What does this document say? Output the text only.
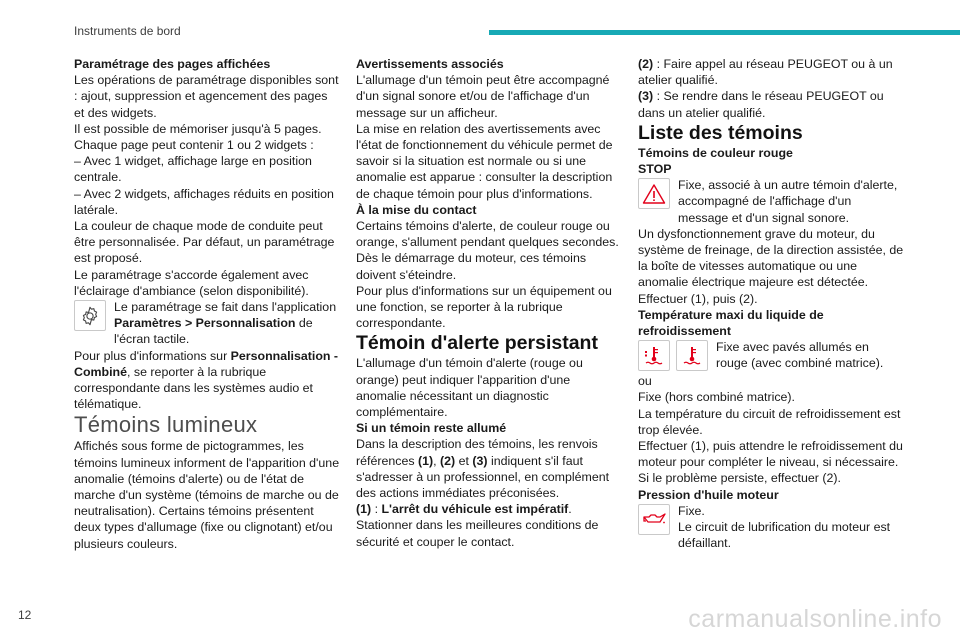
Instruments de bord

Paramétrage des pages affichées

Les opérations de paramétrage disponibles sont : ajout, suppression et agencement des pages et des widgets.

Il est possible de mémoriser jusqu'à 5 pages.

Chaque page peut contenir 1 ou 2 widgets :

– Avec 1 widget, affichage large en position centrale.

– Avec 2 widgets, affichages réduits en position latérale.

La couleur de chaque mode de conduite peut être personnalisée. Par défaut, un paramétrage est proposé.

Le paramétrage s'accorde également avec l'éclairage d'ambiance (selon disponibilité).

Le paramétrage se fait dans l'application Paramètres > Personnalisation de l'écran tactile.

Pour plus d'informations sur Personnalisation - Combiné, se reporter à la rubrique correspondante dans les systèmes audio et télématique.

Témoins lumineux

Affichés sous forme de pictogrammes, les témoins lumineux informent de l'apparition d'une anomalie (témoins d'alerte) ou de l'état de marche d'un système (témoins de marche ou de neutralisation). Certains témoins présentent deux types d'allumage (fixe ou clignotant) et/ou plusieurs couleurs.

Avertissements associés

L'allumage d'un témoin peut être accompagné d'un signal sonore et/ou de l'affichage d'un message sur un afficheur.

La mise en relation des avertissements avec l'état de fonctionnement du véhicule permet de savoir si la situation est normale ou si une anomalie est apparue : consulter la description de chaque témoin pour plus d'informations.

À la mise du contact

Certains témoins d'alerte, de couleur rouge ou orange, s'allument pendant quelques secondes. Dès le démarrage du moteur, ces témoins doivent s'éteindre.

Pour plus d'informations sur un équipement ou une fonction, se reporter à la rubrique correspondante.

Témoin d'alerte persistant

L'allumage d'un témoin d'alerte (rouge ou orange) peut indiquer l'apparition d'une anomalie nécessitant un diagnostic complémentaire.

Si un témoin reste allumé

Dans la description des témoins, les renvois références (1), (2) et (3) indiquent s'il faut s'adresser à un professionnel, en complément des actions immédiates préconisées.

(1) : L'arrêt du véhicule est impératif.

Stationner dans les meilleures conditions de sécurité et couper le contact.

(2) : Faire appel au réseau PEUGEOT ou à un atelier qualifié.

(3) : Se rendre dans le réseau PEUGEOT ou dans un atelier qualifié.

Liste des témoins

Témoins de couleur rouge

STOP

Fixe, associé à un autre témoin d'alerte, accompagné de l'affichage d'un message et d'un signal sonore.

Un dysfonctionnement grave du moteur, du système de freinage, de la direction assistée, de la boîte de vitesses automatique ou une anomalie électrique majeure est détectée.

Effectuer (1), puis (2).

Température maxi du liquide de refroidissement

Fixe avec pavés allumés en rouge (avec combiné matrice).

ou

Fixe (hors combiné matrice).

La température du circuit de refroidissement est trop élevée.

Effectuer (1), puis attendre le refroidissement du moteur pour compléter le niveau, si nécessaire.

Si le problème persiste, effectuer (2).

Pression d'huile moteur

Fixe.

Le circuit de lubrification du moteur est défaillant.

12	carmanualsonline.info
